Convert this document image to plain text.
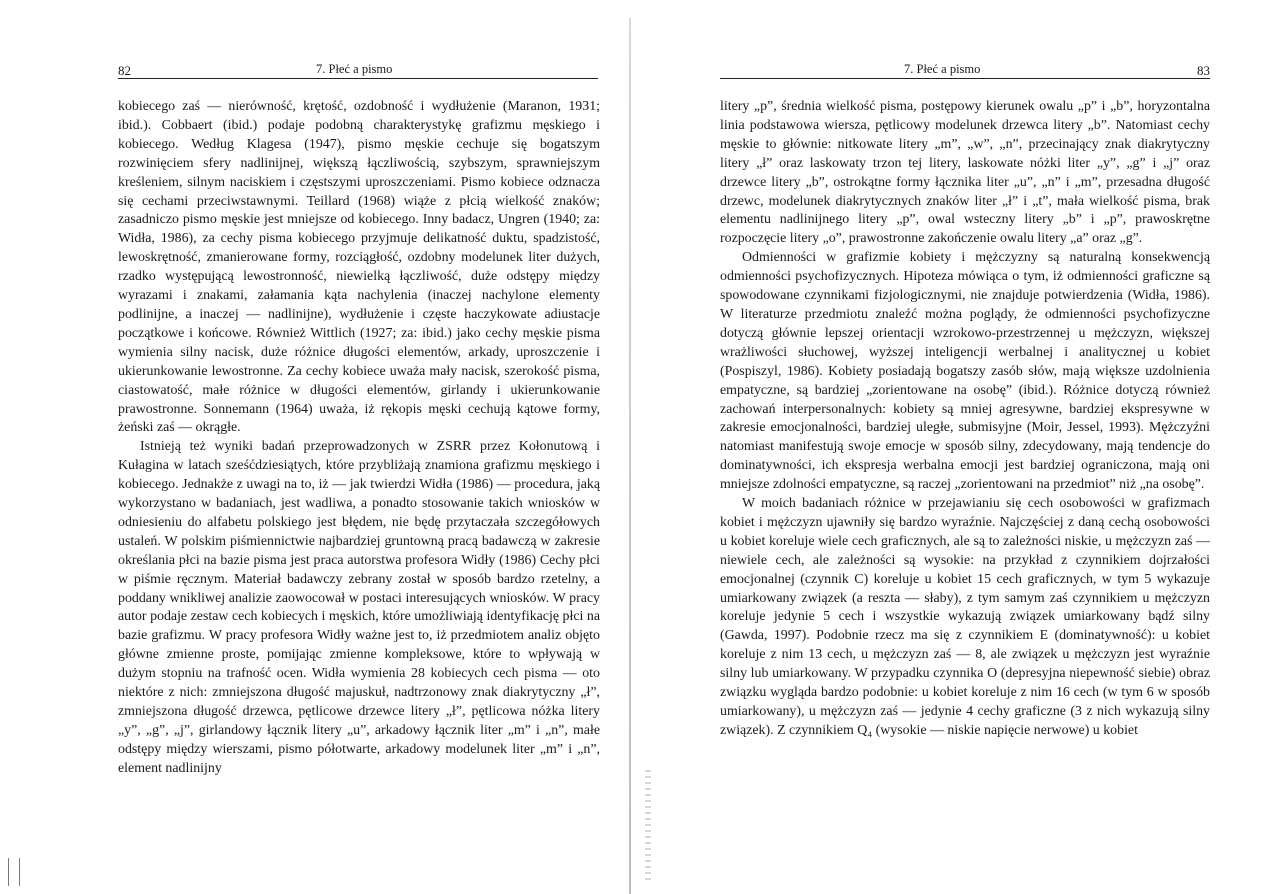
82	7. Płeć a pismo

kobiecego zaś — nierówność, krętość, ozdobność i wydłużenie (Maranon, 1931; ibid.). Cobbaert (ibid.) podaje podobną charakterystykę grafizmu męskiego i kobiecego. Według Klagesa (1947), pismo męskie cechuje się bogatszym rozwinięciem sfery nadlinijnej, większą łączliwością, szybszym, sprawniejszym kreśleniem, silnym naciskiem i częstszymi uproszczeniami. Pismo kobiece odznacza się cechami przeciwstawnymi. Teillard (1968) wiąże z płcią wielkość znaków; zasadniczo pismo męskie jest mniejsze od kobiecego. Inny badacz, Ungren (1940; za: Widła, 1986), za cechy pisma kobiecego przyjmuje delikatność duktu, spadzistość, lewoskrętność, zmanierowane formy, rozciągłość, ozdobny modelunek liter dużych, rzadko występującą lewostronność, niewielką łączliwość, duże odstępy między wyrazami i znakami, załamania kąta nachylenia (inaczej nachylone elementy podlinijne, a inaczej — nadlinijne), wydłużenie i częste haczykowate adiustacje początkowe i końcowe. Również Wittlich (1927; za: ibid.) jako cechy męskie pisma wymienia silny nacisk, duże różnice długości elementów, arkady, uproszczenie i ukierunkowanie lewostronne. Za cechy kobiece uważa mały nacisk, szerokość pisma, ciastowatość, małe różnice w długości elementów, girlandy i ukierunkowanie prawostronne. Sonnemann (1964) uważa, iż rękopis męski cechują kątowe formy, żeński zaś — okrągłe.

Istnieją też wyniki badań przeprowadzonych w ZSRR przez Kołonutową i Kułagina w latach sześćdziesiątych, które przybliżają znamiona grafizmu męskiego i kobiecego. Jednakże z uwagi na to, iż — jak twierdzi Widła (1986) — procedura, jaką wykorzystano w badaniach, jest wadliwa, a ponadto stosowanie takich wniosków w odniesieniu do alfabetu polskiego jest błędem, nie będę przytaczała szczegółowych ustaleń. W polskim piśmiennictwie najbardziej gruntowną pracą badawczą w zakresie określania płci na bazie pisma jest praca autorstwa profesora Widły (1986) Cechy płci w piśmie ręcznym. Materiał badawczy zebrany został w sposób bardzo rzetelny, a poddany wnikliwej analizie zaowocował w postaci interesujących wniosków. W pracy autor podaje zestaw cech kobiecych i męskich, które umożliwiają identyfikację płci na bazie grafizmu. W pracy profesora Widły ważne jest to, iż przedmiotem analiz objęto główne zmienne proste, pomijając zmienne kompleksowe, które to wpływają w dużym stopniu na trafność ocen. Widła wymienia 28 kobiecych cech pisma — oto niektóre z nich: zmniejszona długość majuskuł, nadtrzonowy znak diakrytyczny „ł”, zmniejszona długość drzewca, pętlicowe drzewce litery „ł”, pętlicowa nóżka litery „y”, „g”, „j”, girlandowy łącznik litery „u”, arkadowy łącznik liter „m” i „n”, małe odstępy między wierszami, pismo półotwarte, arkadowy modelunek liter „m” i „n”, element nadlinijny

7. Płeć a pismo	83

litery „p”, średnia wielkość pisma, postępowy kierunek owalu „p” i „b”, horyzontalna linia podstawowa wiersza, pętlicowy modelunek drzewca litery „b”. Natomiast cechy męskie to głównie: nitkowate litery „m”, „w”, „n”, przecinający znak diakrytyczny litery „ł” oraz laskowaty trzon tej litery, laskowate nóżki liter „y”, „g” i „j” oraz drzewce litery „b”, ostrokątne formy łącznika liter „u”, „n” i „m”, przesadna długość drzewc, modelunek diakrytycznych znaków liter „ł” i „t”, mała wielkość pisma, brak elementu nadlinijnego litery „p”, owal wsteczny litery „b” i „p”, prawoskrętne rozpoczęcie litery „o”, prawostronne zakończenie owalu litery „a” oraz „g”.

Odmienności w grafizmie kobiety i mężczyzny są naturalną konsekwencją odmienności psychofizycznych. Hipoteza mówiąca o tym, iż odmienności graficzne są spowodowane czynnikami fizjologicznymi, nie znajduje potwierdzenia (Widła, 1986). W literaturze przedmiotu znaleźć można poglądy, że odmienności psychofizyczne dotyczą głównie lepszej orientacji wzrokowo-przestrzennej u mężczyzn, większej wrażliwości słuchowej, wyższej inteligencji werbalnej i analitycznej u kobiet (Pospiszyl, 1986). Kobiety posiadają bogatszy zasób słów, mają większe uzdolnienia empatyczne, są bardziej „zorientowane na osobę” (ibid.). Różnice dotyczą również zachowań interpersonalnych: kobiety są mniej agresywne, bardziej ekspresywne w zakresie emocjonalności, bardziej uległe, submisyjne (Moir, Jessel, 1993). Mężczyźni natomiast manifestują swoje emocje w sposób silny, zdecydowany, mają tendencje do dominatywności, ich ekspresja werbalna emocji jest bardziej ograniczona, mają oni mniejsze zdolności empatyczne, są raczej „zorientowani na przedmiot” niż „na osobę”.

W moich badaniach różnice w przejawianiu się cech osobowości w grafizmach kobiet i mężczyzn ujawniły się bardzo wyraźnie. Najczęściej z daną cechą osobowości u kobiet koreluje wiele cech graficznych, ale są to zależności niskie, u mężczyzn zaś — niewiele cech, ale zależności są wysokie: na przykład z czynnikiem dojrzałości emocjonalnej (czynnik C) koreluje u kobiet 15 cech graficznych, w tym 5 wykazuje umiarkowany związek (a reszta — słaby), z tym samym zaś czynnikiem u mężczyzn koreluje jedynie 5 cech i wszystkie wykazują związek umiarkowany bądź silny (Gawda, 1997). Podobnie rzecz ma się z czynnikiem E (dominatywność): u kobiet koreluje z nim 13 cech, u mężczyzn zaś — 8, ale związek u mężczyzn jest wyraźnie silny lub umiarkowany. W przypadku czynnika O (depresyjna niepewność siebie) obraz związku wygląda bardzo podobnie: u kobiet koreluje z nim 16 cech (w tym 6 w sposób umiarkowany), u mężczyzn zaś — jedynie 4 cechy graficzne (3 z nich wykazują silny związek). Z czynnikiem Q₄ (wysokie — niskie napięcie nerwowe) u kobiet
